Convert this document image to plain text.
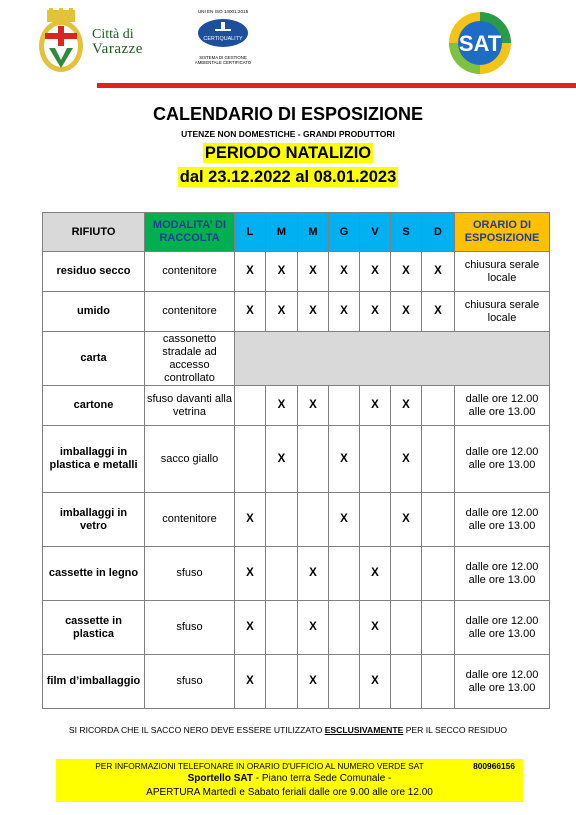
Città di
Varazze
UNI EN ISO 14001:2015
CERTIQUALITY
SISTEMA DI GESTIONE
AMBIENTALE CERTIFICATO
SAT
CALENDARIO DI ESPOSIZIONE
UTENZE NON DOMESTICHE - GRANDI PRODUTTORI
PERIODO NATALIZIO
dal 23.12.2022 al 08.01.2023
RIFIUTO	MODALITA’ DI RACCOLTA	L	M	M	G	V	S	D	ORARIO DI ESPOSIZIONE
residuo secco	contenitore	X	X	X	X	X	X	X	chiusura serale locale
umido	contenitore	X	X	X	X	X	X	X	chiusura serale locale
carta	cassonetto stradale ad accesso controllato								
cartone	sfuso davanti alla vetrina		X	X		X	X		dalle ore 12.00 alle ore 13.00
imballaggi in plastica e metalli	sacco giallo		X		X		X		dalle ore 12.00 alle ore 13.00
imballaggi in vetro	contenitore	X			X		X		dalle ore 12.00 alle ore 13.00
cassette in legno	sfuso	X		X		X			dalle ore 12.00 alle ore 13.00
cassette in plastica	sfuso	X		X		X			dalle ore 12.00 alle ore 13.00
film d’imballaggio	sfuso	X		X		X			dalle ore 12.00 alle ore 13.00
SI RICORDA CHE IL SACCO NERO DEVE ESSERE UTILIZZATO ESCLUSIVAMENTE PER IL SECCO RESIDUO
PER INFORMAZIONI TELEFONARE IN ORARIO D'UFFICIO AL NUMERO VERDE SAT	800966156
Sportello SAT - Piano terra Sede Comunale -
APERTURA Martedì e Sabato feriali dalle ore 9.00 alle ore 12.00
